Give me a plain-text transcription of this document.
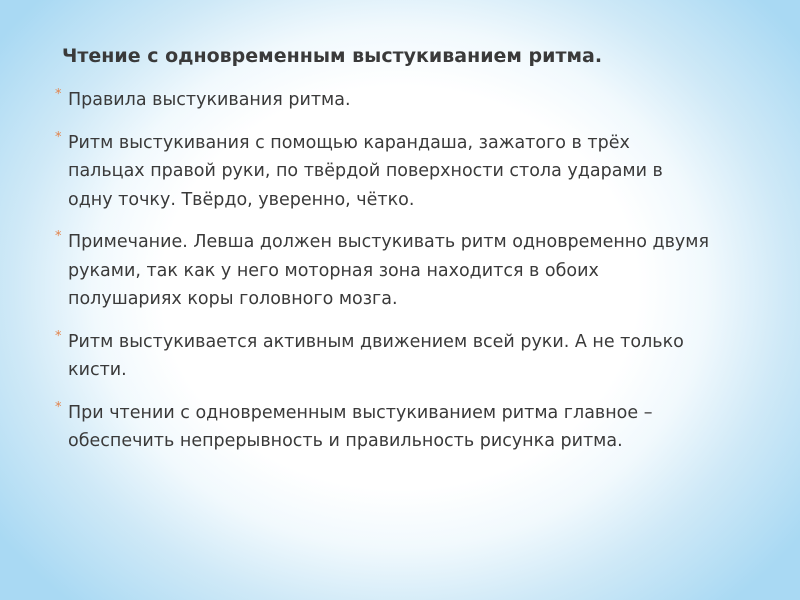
Чтение с одновременным выстукиванием ритма.
* Правила выстукивания ритма.
* Ритм выстукивания с помощью карандаша, зажатого в трёх пальцах правой руки, по твёрдой поверхности стола ударами в одну точку. Твёрдо, уверенно, чётко.
* Примечание. Левша должен выстукивать ритм одновременно двумя руками, так как у него моторная зона находится в обоих полушариях коры головного мозга.
* Ритм выстукивается активным движением всей руки. А не только кисти.
* При чтении с одновременным выстукиванием ритма главное – обеспечить непрерывность и правильность рисунка ритма.
